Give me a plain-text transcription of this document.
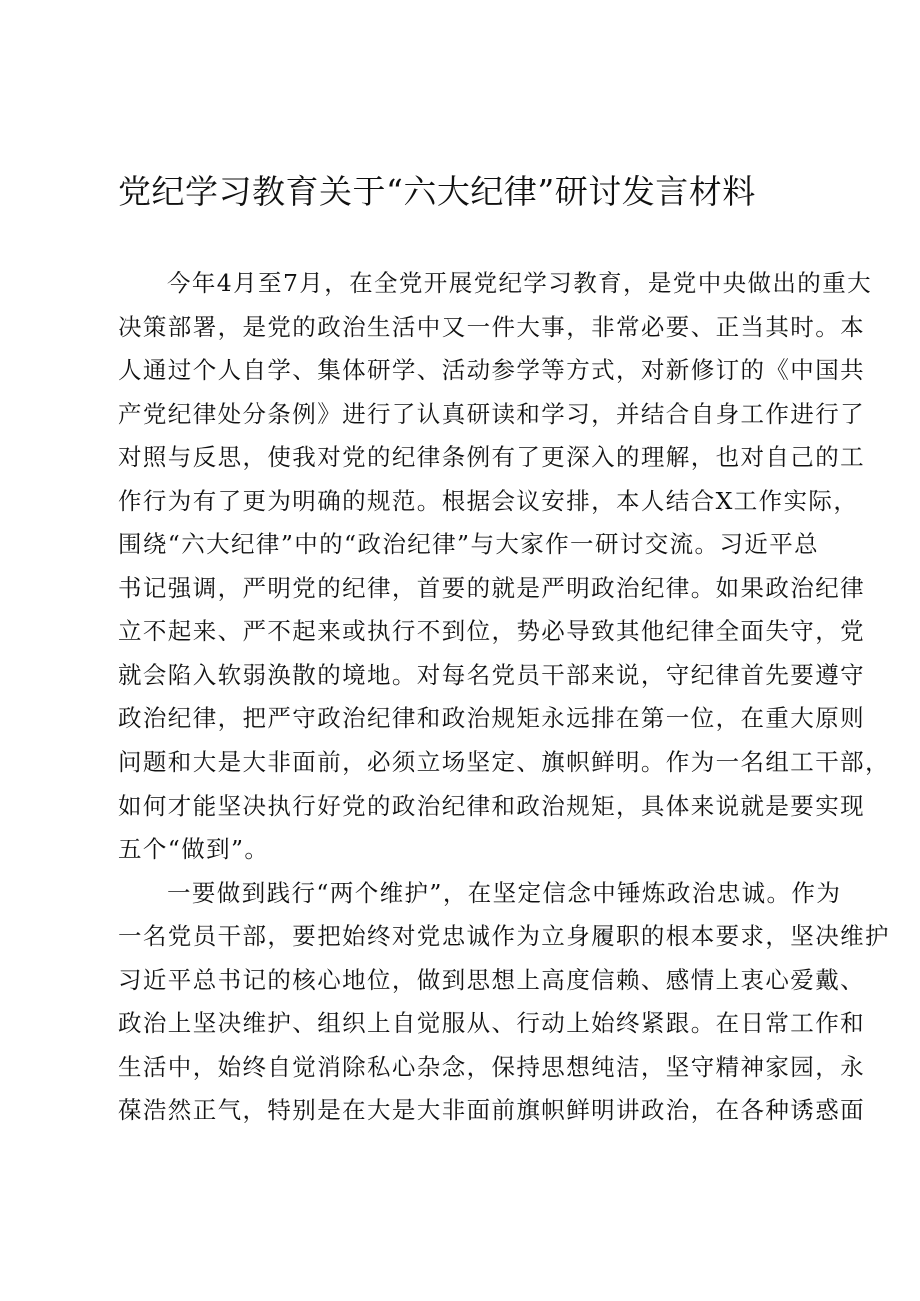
党纪学习教育关于“六大纪律”研讨发言材料
今年4月至7月，在全党开展党纪学习教育，是党中央做出的重大
决策部署，是党的政治生活中又一件大事，非常必要、正当其时。本
人通过个人自学、集体研学、活动参学等方式，对新修订的《中国共
产党纪律处分条例》进行了认真研读和学习，并结合自身工作进行了
对照与反思，使我对党的纪律条例有了更深入的理解，也对自己的工
作行为有了更为明确的规范。根据会议安排，本人结合X工作实际，
围绕“六大纪律”中的“政治纪律”与大家作一研讨交流。习近平总
书记强调，严明党的纪律，首要的就是严明政治纪律。如果政治纪律
立不起来、严不起来或执行不到位，势必导致其他纪律全面失守，党
就会陷入软弱涣散的境地。对每名党员干部来说，守纪律首先要遵守
政治纪律，把严守政治纪律和政治规矩永远排在第一位，在重大原则
问题和大是大非面前，必须立场坚定、旗帜鲜明。作为一名组工干部，
如何才能坚决执行好党的政治纪律和政治规矩，具体来说就是要实现
五个“做到”。
一要做到践行“两个维护”，在坚定信念中锤炼政治忠诚。作为
一名党员干部，要把始终对党忠诚作为立身履职的根本要求，坚决维护
习近平总书记的核心地位，做到思想上高度信赖、感情上衷心爱戴、
政治上坚决维护、组织上自觉服从、行动上始终紧跟。在日常工作和
生活中，始终自觉消除私心杂念，保持思想纯洁，坚守精神家园，永
葆浩然正气，特别是在大是大非面前旗帜鲜明讲政治，在各种诱惑面
